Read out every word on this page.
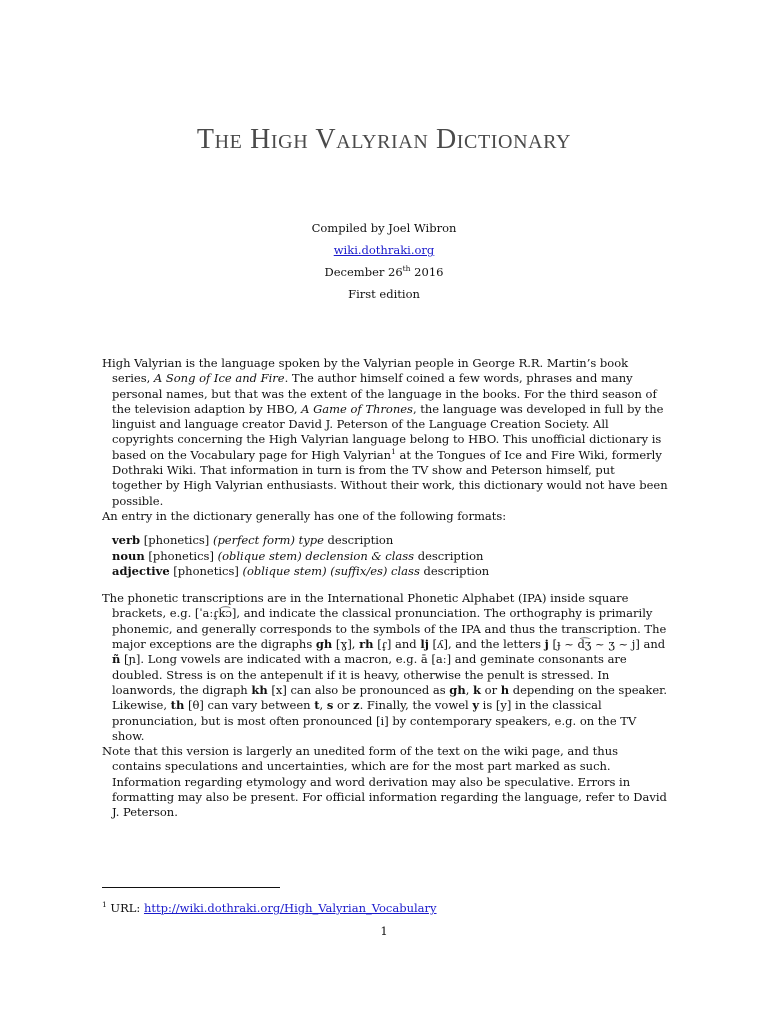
The High Valyrian Dictionary
Compiled by Joel Wibron
wiki.dothraki.org
December 26th 2016
First edition

High Valyrian is the language spoken by the Valyrian people in George R.R. Martin’s book series, A Song of Ice and Fire. The author himself coined a few words, phrases and many personal names, but that was the extent of the language in the books. For the third season of the television adaption by HBO, A Game of Thrones, the language was developed in full by the linguist and language creator David J. Peterson of the Language Creation Society. All copyrights concerning the High Valyrian language belong to HBO. This unofficial dictionary is based on the Vocabulary page for High Valyrian$^1$ at the Tongues of Ice and Fire Wiki, formerly Dothraki Wiki. That information in turn is from the TV show and Peterson himself, put together by High Valyrian enthusiasts. Without their work, this dictionary would not have been possible.

An entry in the dictionary generally has one of the following formats:

verb [phonetics] (perfect form) type description
noun [phonetics] (oblique stem) declension & class description
adjective [phonetics] (oblique stem) (suffix/es) class description

The phonetic transcriptions are in the International Phonetic Alphabet (IPA) inside square brackets, e.g. [ˈaːɾ̥k͡ɔ], and indicate the classical pronunciation. The orthography is primarily phonemic, and generally corresponds to the symbols of the IPA and thus the transcription. The major exceptions are the digraphs gh [ɣ], rh [ɾ̥] and lj [ʎ], and the letters j [ɟ ~ d͡ʒ ~ ʒ ~ j] and ñ [ɲ]. Long vowels are indicated with a macron, e.g. ā [aː] and geminate consonants are doubled. Stress is on the antepenult if it is heavy, otherwise the penult is stressed. In loanwords, the digraph kh [x] can also be pronounced as gh, k or h depending on the speaker. Likewise, th [θ] can vary between t, s or z. Finally, the vowel y is [y] in the classical pronunciation, but is most often pronounced [i] by contemporary speakers, e.g. on the TV show.

Note that this version is largerly an unedited form of the text on the wiki page, and thus contains speculations and uncertainties, which are for the most part marked as such. Information regarding etymology and word derivation may also be speculative. Errors in formatting may also be present. For official information regarding the language, refer to David J. Peterson.

$^1$ URL: http://wiki.dothraki.org/High_Valyrian_Vocabulary
1
